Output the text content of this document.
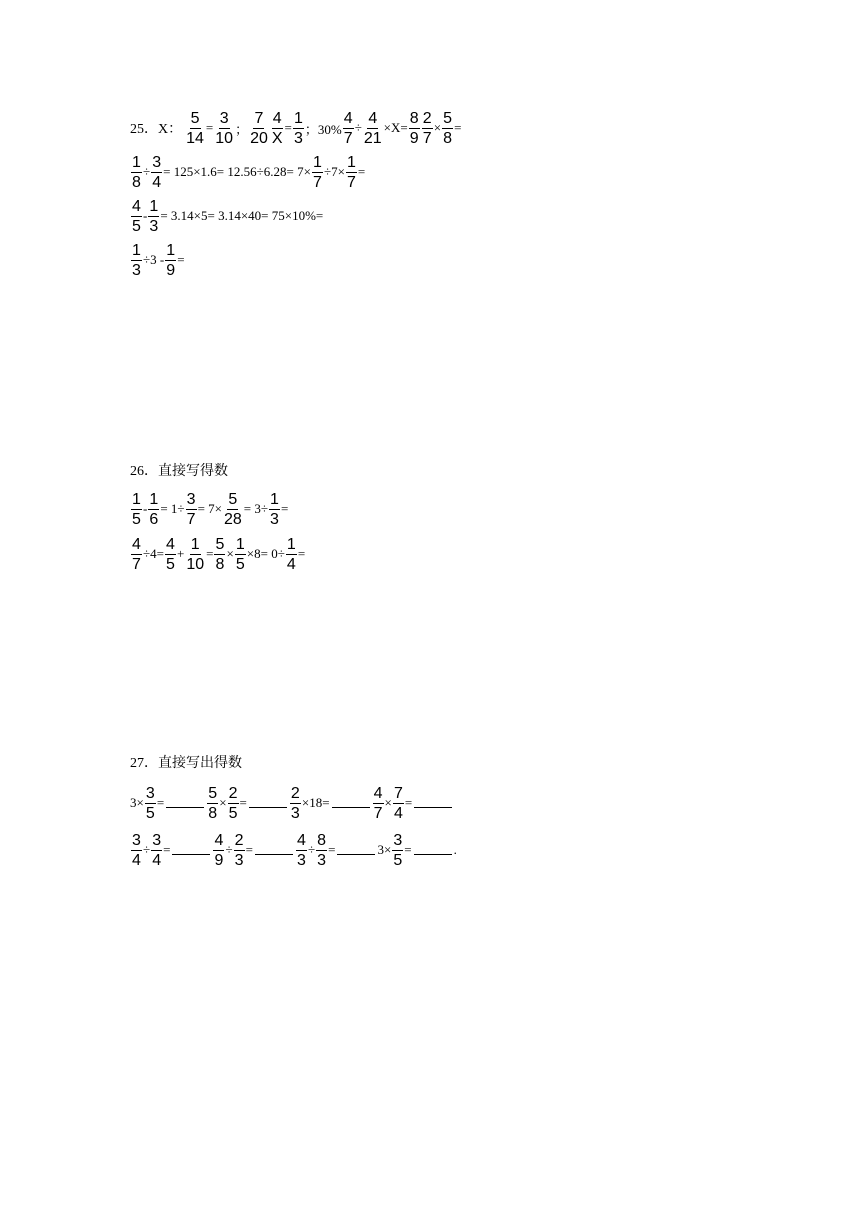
25．X： $\frac{5}{14} = \frac{3}{10}$ ； $\frac{7}{20} \frac{4}{X} = \frac{1}{3}$ ；$30\% \frac{4}{7} \div \frac{4}{21} \times X= \frac{8}{9} \frac{2}{7} \times \frac{5}{8}$ =
$\frac{1}{8} \div \frac{3}{4} = 125\times 1.6= 12.56\div 6.28= 7\times \frac{1}{7} \div 7\times \frac{1}{7}$ =
$\frac{4}{5} - \frac{1}{3} = 3.14\times 5= 3.14\times 40= 75\times 10\%=$
$\frac{1}{3} \div 3 - \frac{1}{9}$ =
$\frac{1}{5} - \frac{1}{6} = 1\div \frac{3}{7} = 7\times \frac{5}{28} = 3\div \frac{1}{3}$ =
$\frac{4}{7} \div 4= \frac{4}{5} + \frac{1}{10} = \frac{5}{8} \times \frac{1}{5} \times 8= 0\div \frac{1}{4}$ =
26．直接写得数
$3\times \frac{3}{5}$ =	$\frac{5}{8} \times \frac{2}{5}$ =	$\frac{2}{3} \times 18=$	$\frac{4}{7} \times \frac{7}{4}$ =
$\frac{3}{4} \div \frac{3}{4}$ =	$\frac{4}{9} \div \frac{2}{3}$ =	$\frac{4}{3} \div \frac{8}{3}$ =	$3\times \frac{3}{5}$ =	.
27．直接写出得数
